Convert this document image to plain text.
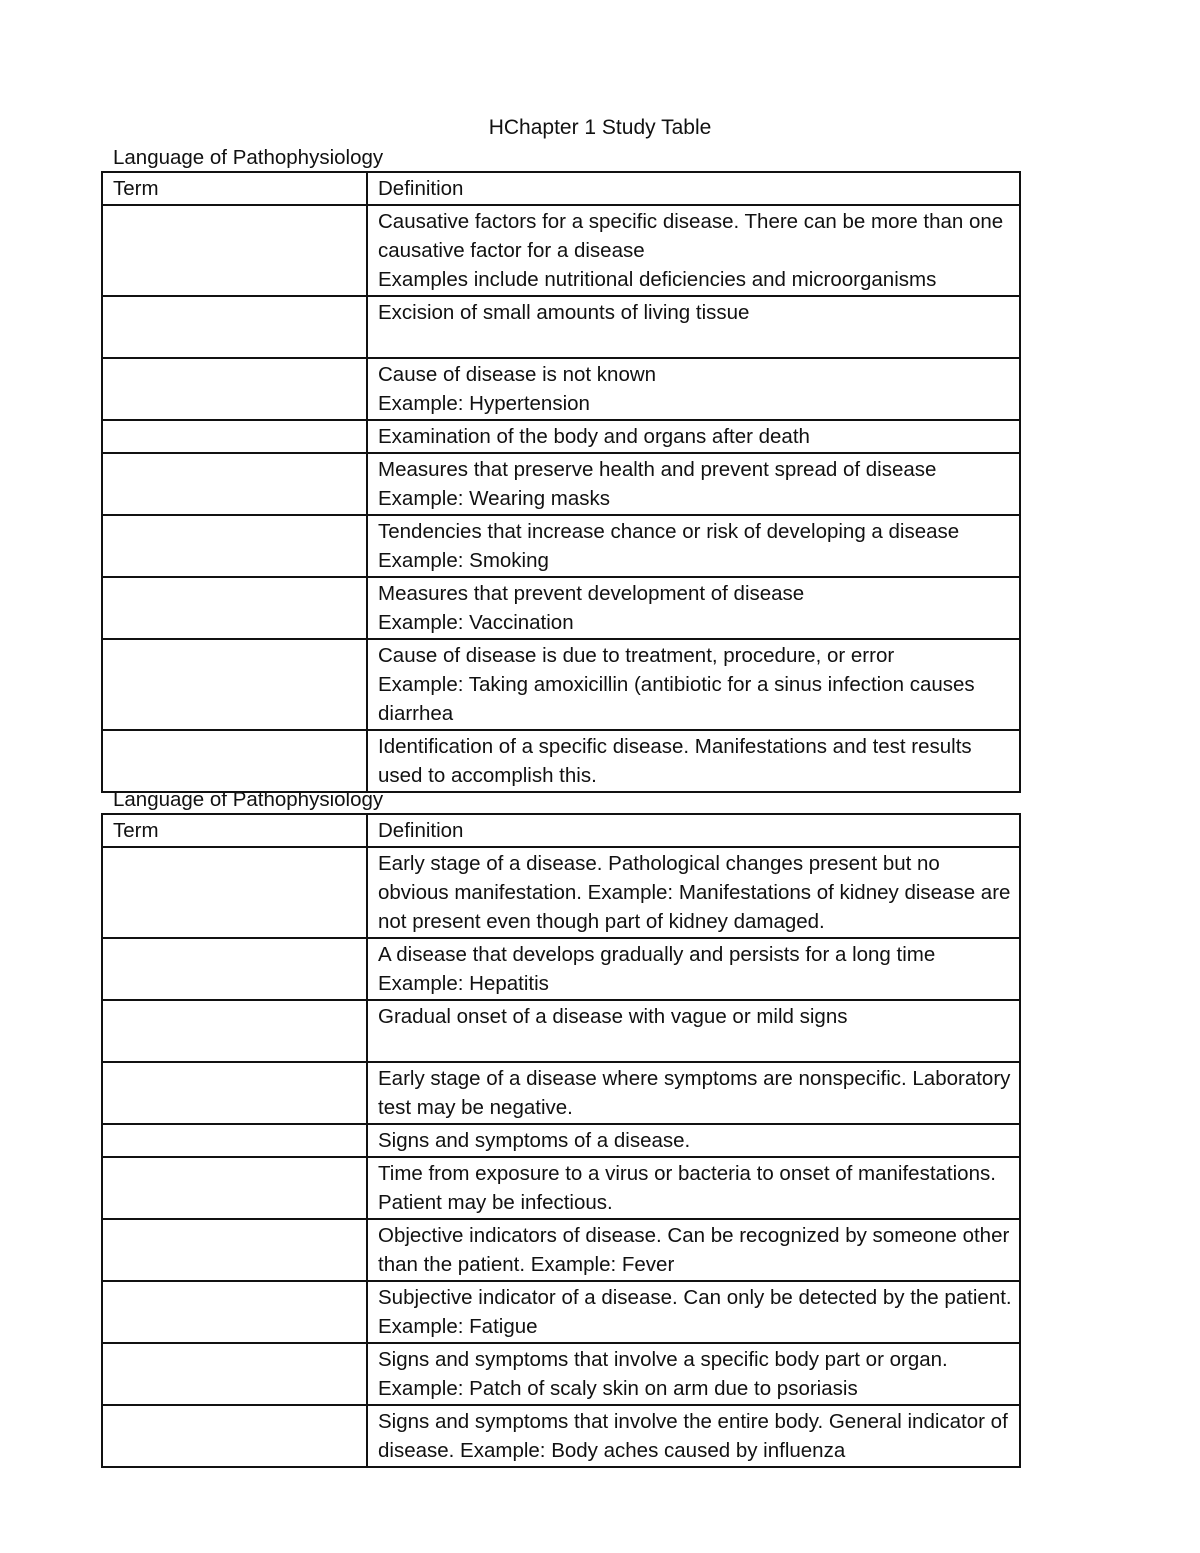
HChapter 1 Study Table
Language of Pathophysiology
Term	Definition
	Causative factors for a specific disease. There can be more than one causative factor for a disease
Examples include nutritional deficiencies and microorganisms
	Excision of small amounts of living tissue
	Cause of disease is not known
Example: Hypertension
	Examination of the body and organs after death
	Measures that preserve health and prevent spread of disease
Example: Wearing masks
	Tendencies that increase chance or risk of developing a disease
Example: Smoking
	Measures that prevent development of disease
Example: Vaccination
	Cause of disease is due to treatment, procedure, or error
Example: Taking amoxicillin (antibiotic for a sinus infection causes diarrhea
	Identification of a specific disease. Manifestations and test results used to accomplish this.
Language of Pathophysiology
Term	Definition
	Early stage of a disease. Pathological changes present but no obvious manifestation. Example: Manifestations of kidney disease are not present even though part of kidney damaged.
	A disease that develops gradually and persists for a long time
Example: Hepatitis
	Gradual onset of a disease with vague or mild signs
	Early stage of a disease where symptoms are nonspecific. Laboratory test may be negative.
	Signs and symptoms of a disease.
	Time from exposure to a virus or bacteria to onset of manifestations. Patient may be infectious.
	Objective indicators of disease. Can be recognized by someone other than the patient. Example: Fever
	Subjective indicator of a disease. Can only be detected by the patient. Example: Fatigue
	Signs and symptoms that involve a specific body part or organ.
Example: Patch of scaly skin on arm due to psoriasis
	Signs and symptoms that involve the entire body. General indicator of disease. Example: Body aches caused by influenza
